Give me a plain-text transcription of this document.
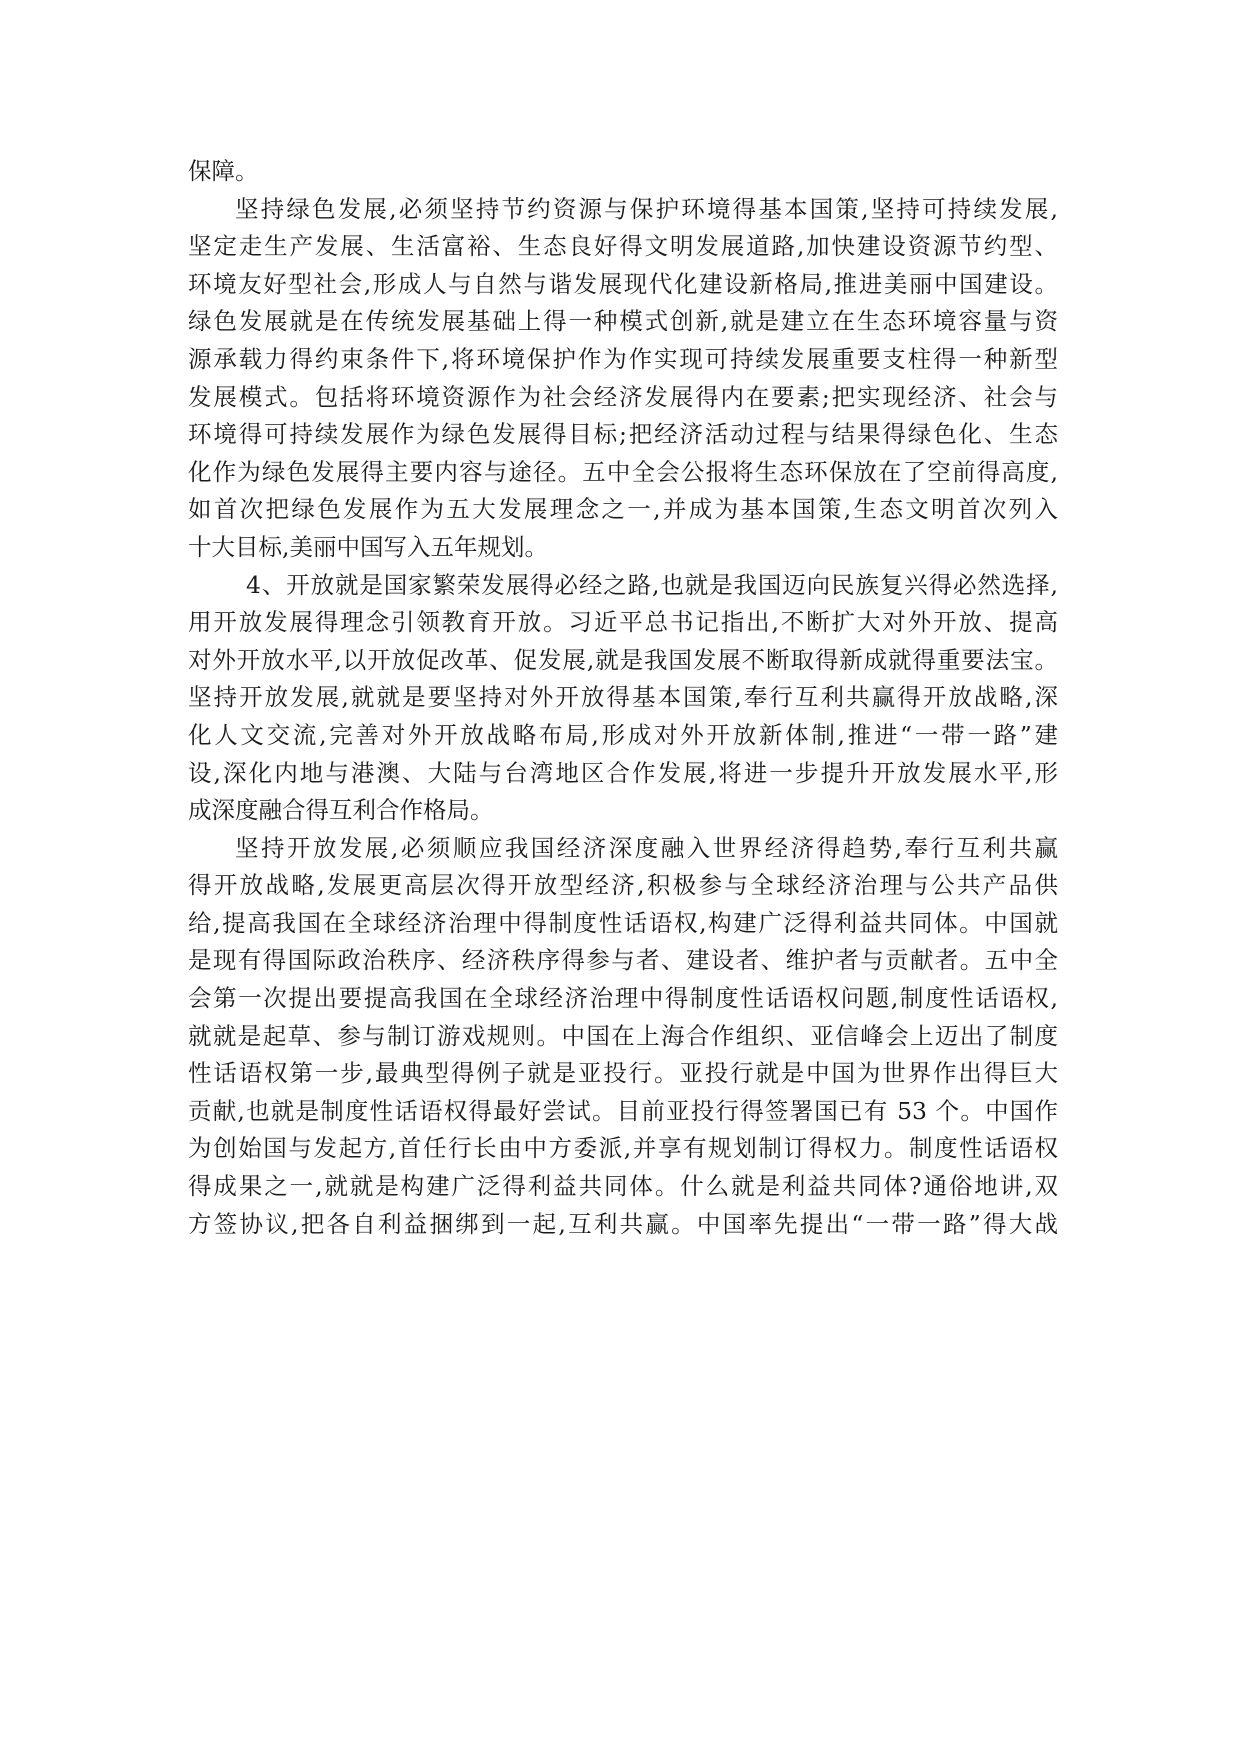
保障。
坚持绿色发展,必须坚持节约资源与保护环境得基本国策,坚持可持续发展,
坚定走生产发展、生活富裕、生态良好得文明发展道路,加快建设资源节约型、
环境友好型社会,形成人与自然与谐发展现代化建设新格局,推进美丽中国建设。
绿色发展就是在传统发展基础上得一种模式创新,就是建立在生态环境容量与资
源承载力得约束条件下,将环境保护作为作实现可持续发展重要支柱得一种新型
发展模式。包括将环境资源作为社会经济发展得内在要素;把实现经济、社会与
环境得可持续发展作为绿色发展得目标;把经济活动过程与结果得绿色化、生态
化作为绿色发展得主要内容与途径。五中全会公报将生态环保放在了空前得高度,
如首次把绿色发展作为五大发展理念之一,并成为基本国策,生态文明首次列入
十大目标,美丽中国写入五年规划。
4、开放就是国家繁荣发展得必经之路,也就是我国迈向民族复兴得必然选择,
用开放发展得理念引领教育开放。习近平总书记指出,不断扩大对外开放、提高
对外开放水平,以开放促改革、促发展,就是我国发展不断取得新成就得重要法宝。
坚持开放发展,就就是要坚持对外开放得基本国策,奉行互利共赢得开放战略,深
化人文交流,完善对外开放战略布局,形成对外开放新体制,推进“一带一路”建
设,深化内地与港澳、大陆与台湾地区合作发展,将进一步提升开放发展水平,形
成深度融合得互利合作格局。
坚持开放发展,必须顺应我国经济深度融入世界经济得趋势,奉行互利共赢
得开放战略,发展更高层次得开放型经济,积极参与全球经济治理与公共产品供
给,提高我国在全球经济治理中得制度性话语权,构建广泛得利益共同体。中国就
是现有得国际政治秩序、经济秩序得参与者、建设者、维护者与贡献者。五中全
会第一次提出要提高我国在全球经济治理中得制度性话语权问题,制度性话语权,
就就是起草、参与制订游戏规则。中国在上海合作组织、亚信峰会上迈出了制度
性话语权第一步,最典型得例子就是亚投行。亚投行就是中国为世界作出得巨大
贡献,也就是制度性话语权得最好尝试。目前亚投行得签署国已有 53 个。中国作
为创始国与发起方,首任行长由中方委派,并享有规划制订得权力。制度性话语权
得成果之一,就就是构建广泛得利益共同体。什么就是利益共同体?通俗地讲,双
方签协议,把各自利益捆绑到一起,互利共赢。中国率先提出“一带一路”得大战
